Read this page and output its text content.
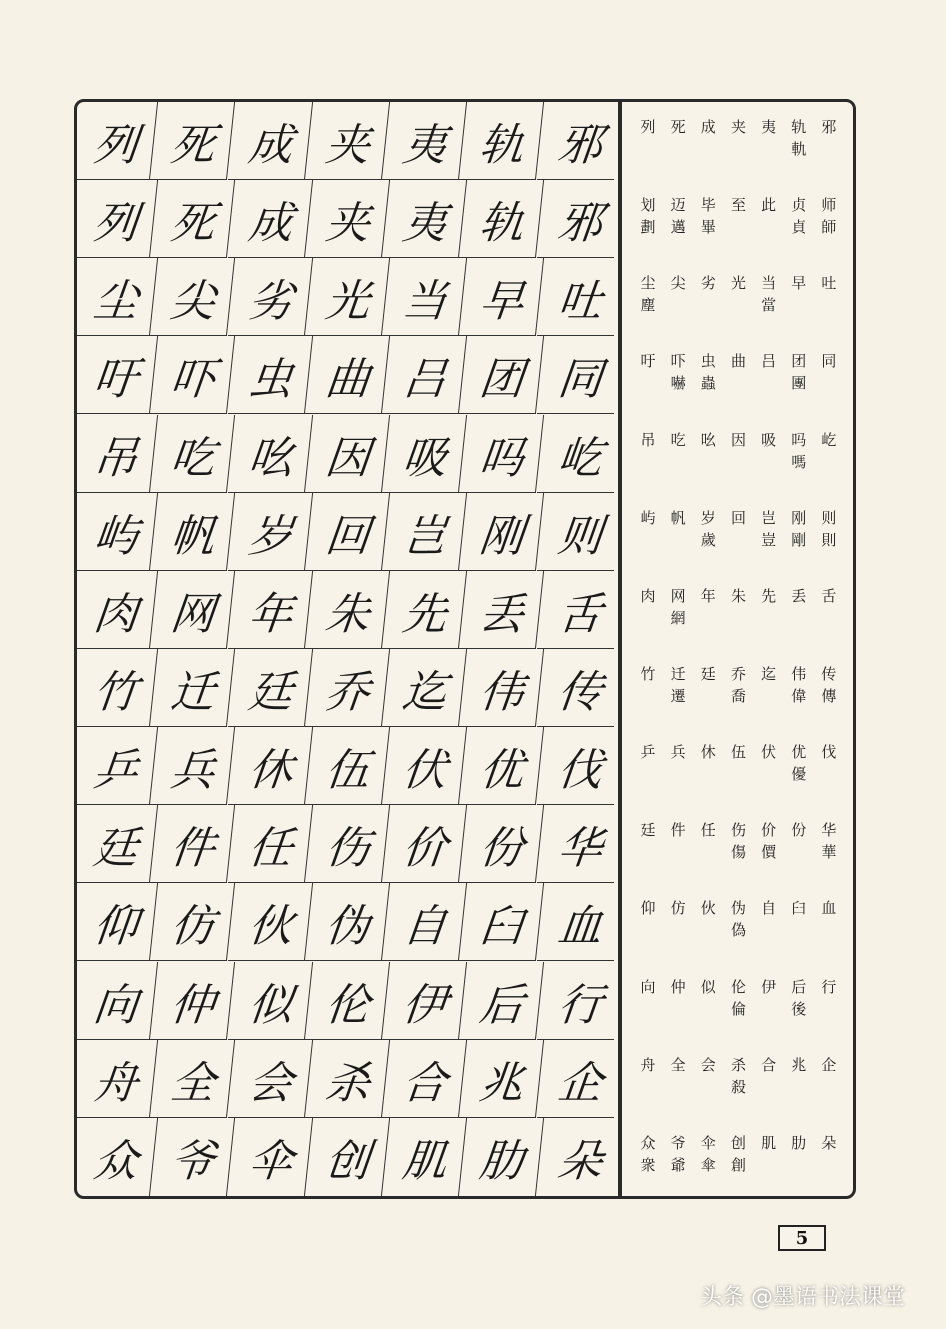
列 死 成 夹 夷 轨 邪
列 死 成 夹 夷 轨 邪
尘 尖 劣 光 当 早 吐
吁 吓 虫 曲 吕 团 同
吊 吃 吆 因 吸 吗 屹
屿 帆 岁 回 岂 刚 则
肉 网 年 朱 先 丢 舌
竹 迁 廷 乔 迄 伟 传
乒 兵 休 伍 伏 优 伐
廷 件 任 伤 价 份 华
仰 仿 伙 伪 自 臼 血
向 仲 似 伦 伊 后 行
舟 全 会 杀 合 兆 企
众 爷 伞 创 肌 肋 朵
邪
轨
軌
夷
夹
成
死
列
师
師
贞
貞
此
至
毕
畢
迈
邁
划
劃
吐
早
当
當
光
劣
尖
尘
塵
同
团
團
吕
曲
虫
蟲
吓
嚇
吁
屹
吗
嗎
吸
因
吆
吃
吊
则
則
刚
剛
岂
豈
回
岁
歲
帆
屿
舌
丢
先
朱
年
网
網
肉
传
傳
伟
偉
迄
乔
喬
廷
迁
遷
竹
伐
优
優
伏
伍
休
兵
乒
华
華
份
价
價
伤
傷
任
件
廷
血
臼
自
伪
偽
伙
仿
仰
行
后
後
伊
伦
倫
似
仲
向
企
兆
合
杀
殺
会
全
舟
朵
肋
肌
创
創
伞
傘
爷
爺
众
衆
5
头条 @墨语书法课堂
